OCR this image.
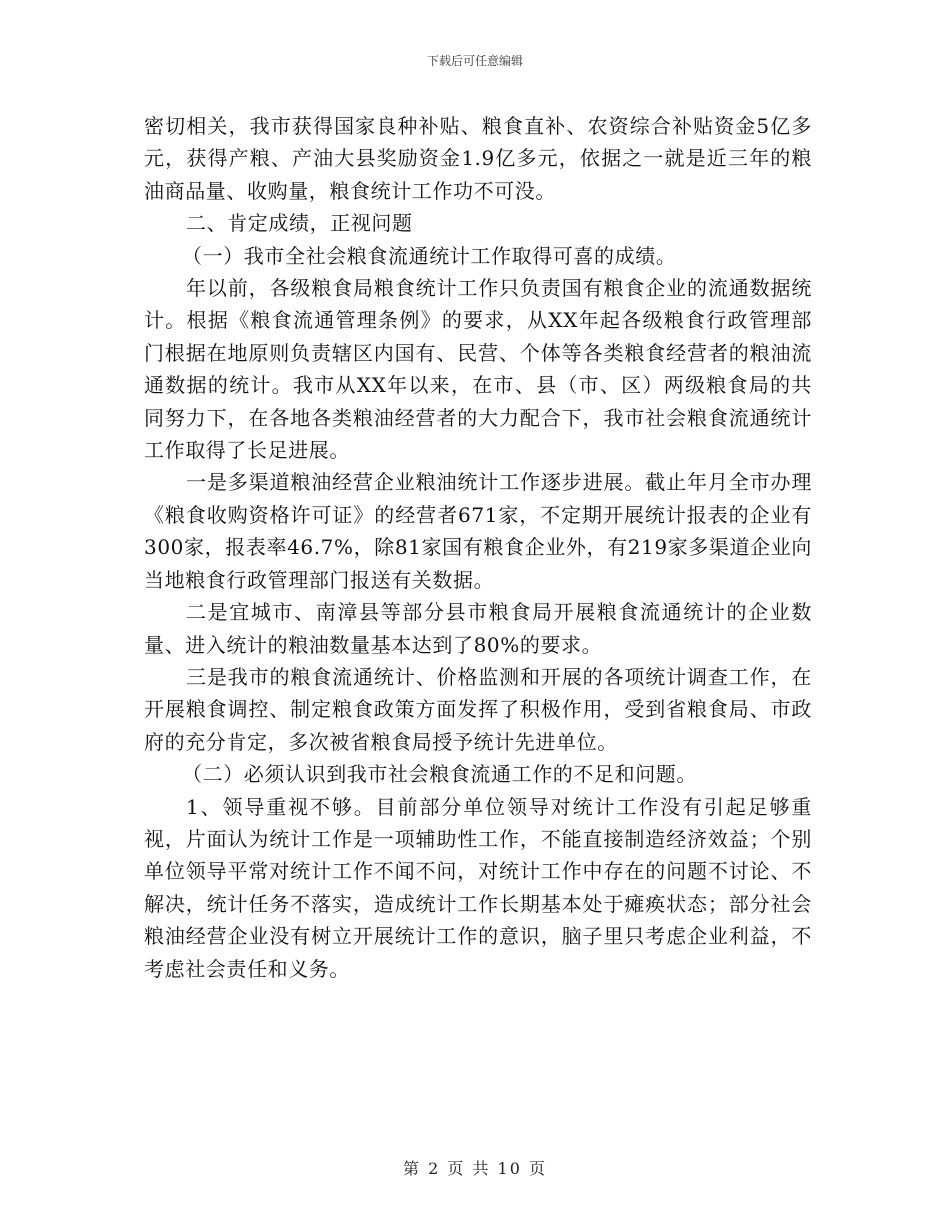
下载后可任意编辑

密切相关，我市获得国家良种补贴、粮食直补、农资综合补贴资金5亿多元，获得产粮、产油大县奖励资金1.9亿多元，依据之一就是近三年的粮油商品量、收购量，粮食统计工作功不可没。

二、肯定成绩，正视问题

（一）我市全社会粮食流通统计工作取得可喜的成绩。

年以前，各级粮食局粮食统计工作只负责国有粮食企业的流通数据统计。根据《粮食流通管理条例》的要求，从XX年起各级粮食行政管理部门根据在地原则负责辖区内国有、民营、个体等各类粮食经营者的粮油流通数据的统计。我市从XX年以来，在市、县（市、区）两级粮食局的共同努力下，在各地各类粮油经营者的大力配合下，我市社会粮食流通统计工作取得了长足进展。

一是多渠道粮油经营企业粮油统计工作逐步进展。截止年月全市办理《粮食收购资格许可证》的经营者671家，不定期开展统计报表的企业有300家，报表率46.7%，除81家国有粮食企业外，有219家多渠道企业向当地粮食行政管理部门报送有关数据。

二是宜城市、南漳县等部分县市粮食局开展粮食流通统计的企业数量、进入统计的粮油数量基本达到了80%的要求。

三是我市的粮食流通统计、价格监测和开展的各项统计调查工作，在开展粮食调控、制定粮食政策方面发挥了积极作用，受到省粮食局、市政府的充分肯定，多次被省粮食局授予统计先进单位。

（二）必须认识到我市社会粮食流通工作的不足和问题。

1、领导重视不够。目前部分单位领导对统计工作没有引起足够重视，片面认为统计工作是一项辅助性工作，不能直接制造经济效益；个别单位领导平常对统计工作不闻不问，对统计工作中存在的问题不讨论、不解决，统计任务不落实，造成统计工作长期基本处于瘫痪状态；部分社会粮油经营企业没有树立开展统计工作的意识，脑子里只考虑企业利益，不考虑社会责任和义务。

第 2 页 共 10 页
